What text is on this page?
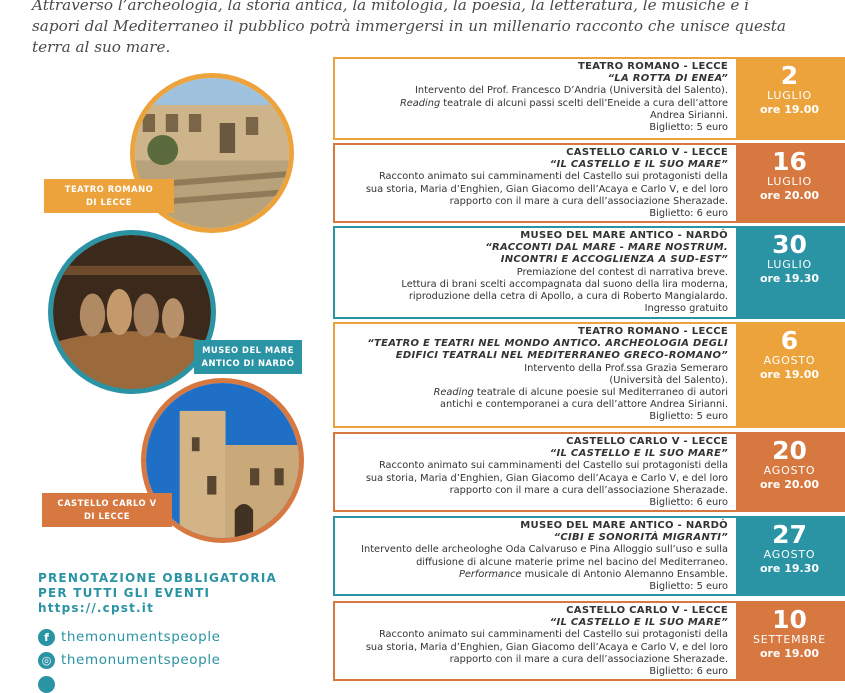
Attraverso l’archeologia, la storia antica, la mitologia, la poesia, la letteratura, le musiche e i
sapori dal Mediterraneo il pubblico potrà immergersi in un millenario racconto che unisce questa
terra al suo mare.

TEATRO ROMANO
DI LECCE
MUSEO DEL MARE
ANTICO DI NARDÓ
CASTELLO CARLO V
DI LECCE
PRENOTAZIONE OBBLIGATORIA
PER TUTTI GLI EVENTI
https://.cpst.it
f themonumentspeople
◎ themonumentspeople
TEATRO ROMANO - LECCE
“LA ROTTA DI ENEA”
Intervento del Prof. Francesco D’Andria (Università del Salento).
Reading teatrale di alcuni passi scelti dell’Eneide a cura dell’attore
Andrea Sirianni.
Biglietto: 5 euro
2
LUGLIO
ore 19.00
CASTELLO CARLO V - LECCE
“IL CASTELLO E IL SUO MARE”
Racconto animato sui camminamenti del Castello sui protagonisti della
sua storia, Maria d’Enghien, Gian Giacomo dell’Acaya e Carlo V, e del loro
rapporto con il mare a cura dell’associazione Sherazade.
Biglietto: 6 euro
16
LUGLIO
ore 20.00
MUSEO DEL MARE ANTICO - NARDÒ
“RACCONTI DAL MARE - MARE NOSTRUM.
INCONTRI E ACCOGLIENZA A SUD-EST”
Premiazione del contest di narrativa breve.
Lettura di brani scelti accompagnata dal suono della lira moderna,
riproduzione della cetra di Apollo, a cura di Roberto Mangialardo.
Ingresso gratuito
30
LUGLIO
ore 19.30
TEATRO ROMANO - LECCE
“TEATRO E TEATRI NEL MONDO ANTICO. ARCHEOLOGIA DEGLI
EDIFICI TEATRALI NEL MEDITERRANEO GRECO-ROMANO”
Intervento della Prof.ssa Grazia Semeraro
(Università del Salento).
Reading teatrale di alcune poesie sul Mediterraneo di autori
antichi e contemporanei a cura dell’attore Andrea Sirianni.
Biglietto: 5 euro
6
AGOSTO
ore 19.00
CASTELLO CARLO V - LECCE
“IL CASTELLO E IL SUO MARE”
Racconto animato sui camminamenti del Castello sui protagonisti della
sua storia, Maria d’Enghien, Gian Giacomo dell’Acaya e Carlo V, e del loro
rapporto con il mare a cura dell’associazione Sherazade.
Biglietto: 6 euro
20
AGOSTO
ore 20.00
MUSEO DEL MARE ANTICO - NARDÒ
“CIBI E SONORITÀ MIGRANTI”
Intervento delle archeologhe Oda Calvaruso e Pina Alloggio sull’uso e sulla
diffusione di alcune materie prime nel bacino del Mediterraneo.
Performance musicale di Antonio Alemanno Ensamble.
Biglietto: 5 euro
27
AGOSTO
ore 19.30
CASTELLO CARLO V - LECCE
“IL CASTELLO E IL SUO MARE”
Racconto animato sui camminamenti del Castello sui protagonisti della
sua storia, Maria d’Enghien, Gian Giacomo dell’Acaya e Carlo V, e del loro
rapporto con il mare a cura dell’associazione Sherazade.
Biglietto: 6 euro
10
SETTEMBRE
ore 19.00
